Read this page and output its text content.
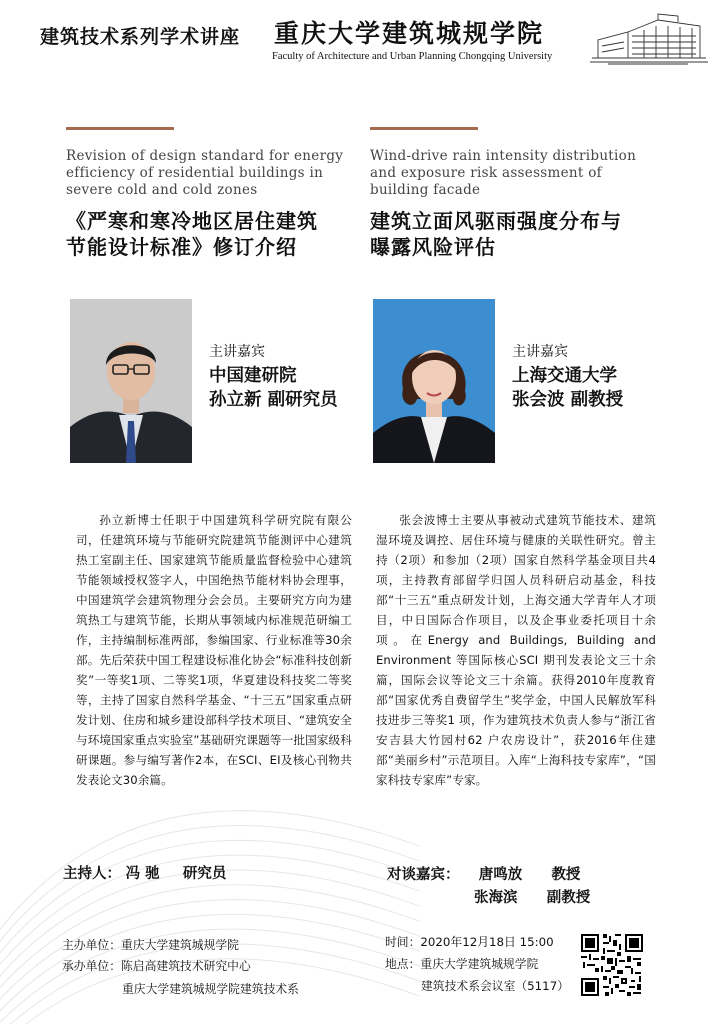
建筑技术系列学术讲座 重庆大学建筑城规学院
Faculty of Architecture and Urban Planning Chongqing University
Revision of design standard for energy efficiency of residential buildings in severe cold and cold zones
《严寒和寒冷地区居住建筑
节能设计标准》修订介绍
Wind-drive rain intensity distribution and exposure risk assessment of building facade
建筑立面风驱雨强度分布与
曝露风险评估
主讲嘉宾
中国建研院
孙立新 副研究员
主讲嘉宾
上海交通大学
张会波 副教授
孙立新博士任职于中国建筑科学研究院有限公司，任建筑环境与节能研究院建筑节能测评中心建筑热工室副主任、国家建筑节能质量监督检验中心建筑节能领域授权签字人，中国绝热节能材料协会理事，中国建筑学会建筑物理分会会员。主要研究方向为建筑热工与建筑节能，长期从事领域内标准规范研编工作，主持编制标准两部，参编国家、行业标准等30余部。先后荣获中国工程建设标准化协会“标准科技创新奖”一等奖1项、二等奖1项，华夏建设科技奖二等奖等，主持了国家自然科学基金、“十三五”国家重点研发计划、住房和城乡建设部科学技术项目、“建筑安全与环境国家重点实验室”基础研究课题等一批国家级科研课题。参与编写著作2本，在SCI、EI及核心刊物共发表论文30余篇。
张会波博士主要从事被动式建筑节能技术、建筑湿环境及调控、居住环境与健康的关联性研究。曾主持（2项）和参加（2项）国家自然科学基金项目共4 项，主持教育部留学归国人员科研启动基金，科技部“十三五”重点研发计划，上海交通大学青年人才项目，中日国际合作项目，以及企事业委托项目十余项。在Energy and Buildings, Building and Environment 等国际核心SCI 期刊发表论文三十余篇，国际会议等论文三十余篇。获得2010年度教育部“国家优秀自费留学生”奖学金，中国人民解放军科技进步三等奖1 项，作为建筑技术负责人参与“浙江省安吉县大竹园村62 户农房设计”，获2016年住建部“美丽乡村”示范项目。入库“上海科技专家库”，“国家科技专家库”专家。
主持人： 冯 驰 研究员	对谈嘉宾： 唐鸣放 教授
张海滨 副教授
主办单位：重庆大学建筑城规学院
承办单位：陈启高建筑技术研究中心
重庆大学建筑城规学院建筑技术系
时间：2020年12月18日 15:00
地点：重庆大学建筑城规学院
建筑技术系会议室（5117）
